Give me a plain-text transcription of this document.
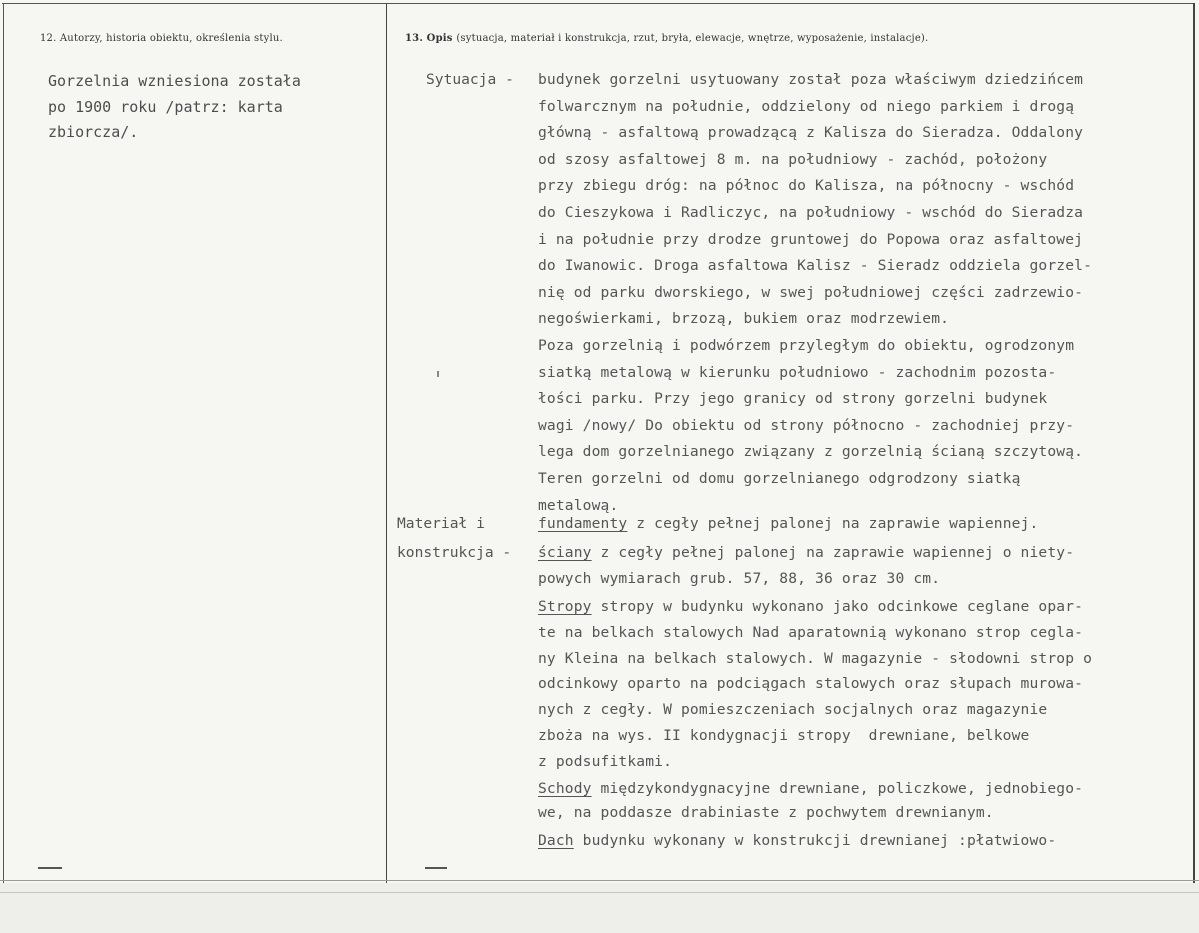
12. Autorzy, historia obiektu, określenia stylu.	13. Opis (sytuacja, materiał i konstrukcja, rzut, bryła, elewacje, wnętrze, wyposażenie, instalacje).
Gorzelnia wzniesiona została
po 1900 roku /patrz: karta
zbiorcza/.
Sytuacja - budynek gorzelni usytuowany został poza właściwym dziedzińcem
folwarcznym na południe, oddzielony od niego parkiem i drogą
główną - asfaltową prowadzącą z Kalisza do Sieradza. Oddalony
od szosy asfaltowej 8 m. na południowy - zachód, położony
przy zbiegu dróg: na północ do Kalisza, na północny - wschód
do Cieszykowa i Radliczyc, na południowy - wschód do Sieradza
i na południe przy drodze gruntowej do Popowa oraz asfaltowej
do Iwanowic. Droga asfaltowa Kalisz - Sieradz oddziela gorzel-
nię od parku dworskiego, w swej południowej części zadrzewio-
negoświerkami, brzozą, bukiem oraz modrzewiem.
Poza gorzelnią i podwórzem przyległym do obiektu, ogrodzonym
siatką metalową w kierunku południowo - zachodnim pozosta-
łości parku. Przy jego granicy od strony gorzelni budynek
wagi /nowy/ Do obiektu od strony północno - zachodniej przy-
lega dom gorzelnianego związany z gorzelnią ścianą szczytową.
Teren gorzelni od domu gorzelnianego odgrodzony siatką
metalową.
Materiał i
konstrukcja -
fundamenty z cegły pełnej palonej na zaprawie wapiennej.
ściany z cegły pełnej palonej na zaprawie wapiennej o niety-
powych wymiarach grub. 57, 88, 36 oraz 30 cm.
Stropy stropy w budynku wykonano jako odcinkowe ceglane opar-
te na belkach stalowych Nad aparatownią wykonano strop cegla-
ny Kleina na belkach stalowych. W magazynie - słodowni strop o
odcinkowy oparto na podciągach stalowych oraz słupach murowa-
nych z cegły. W pomieszczeniach socjalnych oraz magazynie
zboża na wys. II kondygnacji stropy  drewniane, belkowe
z podsufitkami.
Schody międzykondygnacyjne drewniane, policzkowe, jednobiego-
we, na poddasze drabiniaste z pochwytem drewnianym.
Dach budynku wykonany w konstrukcji drewnianej :płatwiowo-
